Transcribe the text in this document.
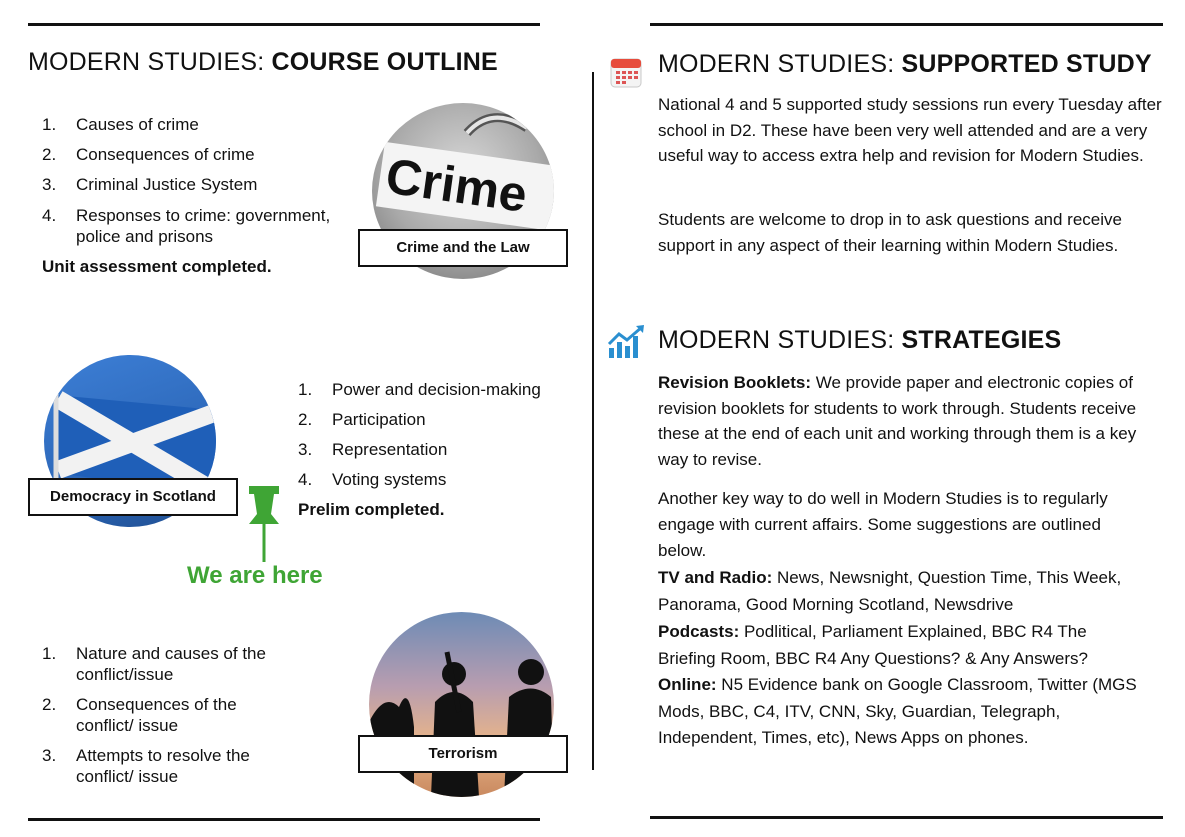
MODERN STUDIES: COURSE OUTLINE
1. Causes of crime
2. Consequences of crime
3. Criminal Justice System
4. Responses to crime: government, police and prisons
Unit assessment completed.
Crime
Crime and the Law
Democracy in Scotland
1. Power and decision-making
2. Participation
3. Representation
4. Voting systems
Prelim completed.
We are here
1. Nature and causes of the conflict/issue
2. Consequences of the conflict/ issue
3. Attempts to resolve the conflict/ issue
Terrorism
MODERN STUDIES: SUPPORTED STUDY

National 4 and 5 supported study sessions run every Tuesday after school in D2. These have been very well attended and are a very useful way to access extra help and revision for Modern Studies.

Students are welcome to drop in to ask questions and receive support in any aspect of their learning within Modern Studies.

MODERN STUDIES: STRATEGIES

Revision Booklets: We provide paper and electronic copies of revision booklets for students to work through. Students receive these at the end of each unit and working through them is a key way to revise.

Another key way to do well in Modern Studies is to regularly engage with current affairs. Some suggestions are outlined below.

TV and Radio: News, Newsnight, Question Time, This Week, Panorama, Good Morning Scotland, Newsdrive

Podcasts: Podlitical, Parliament Explained, BBC R4 The Briefing Room, BBC R4 Any Questions? & Any Answers?

Online: N5 Evidence bank on Google Classroom, Twitter (MGS Mods, BBC, C4, ITV, CNN, Sky, Guardian, Telegraph, Independent, Times, etc), News Apps on phones.
